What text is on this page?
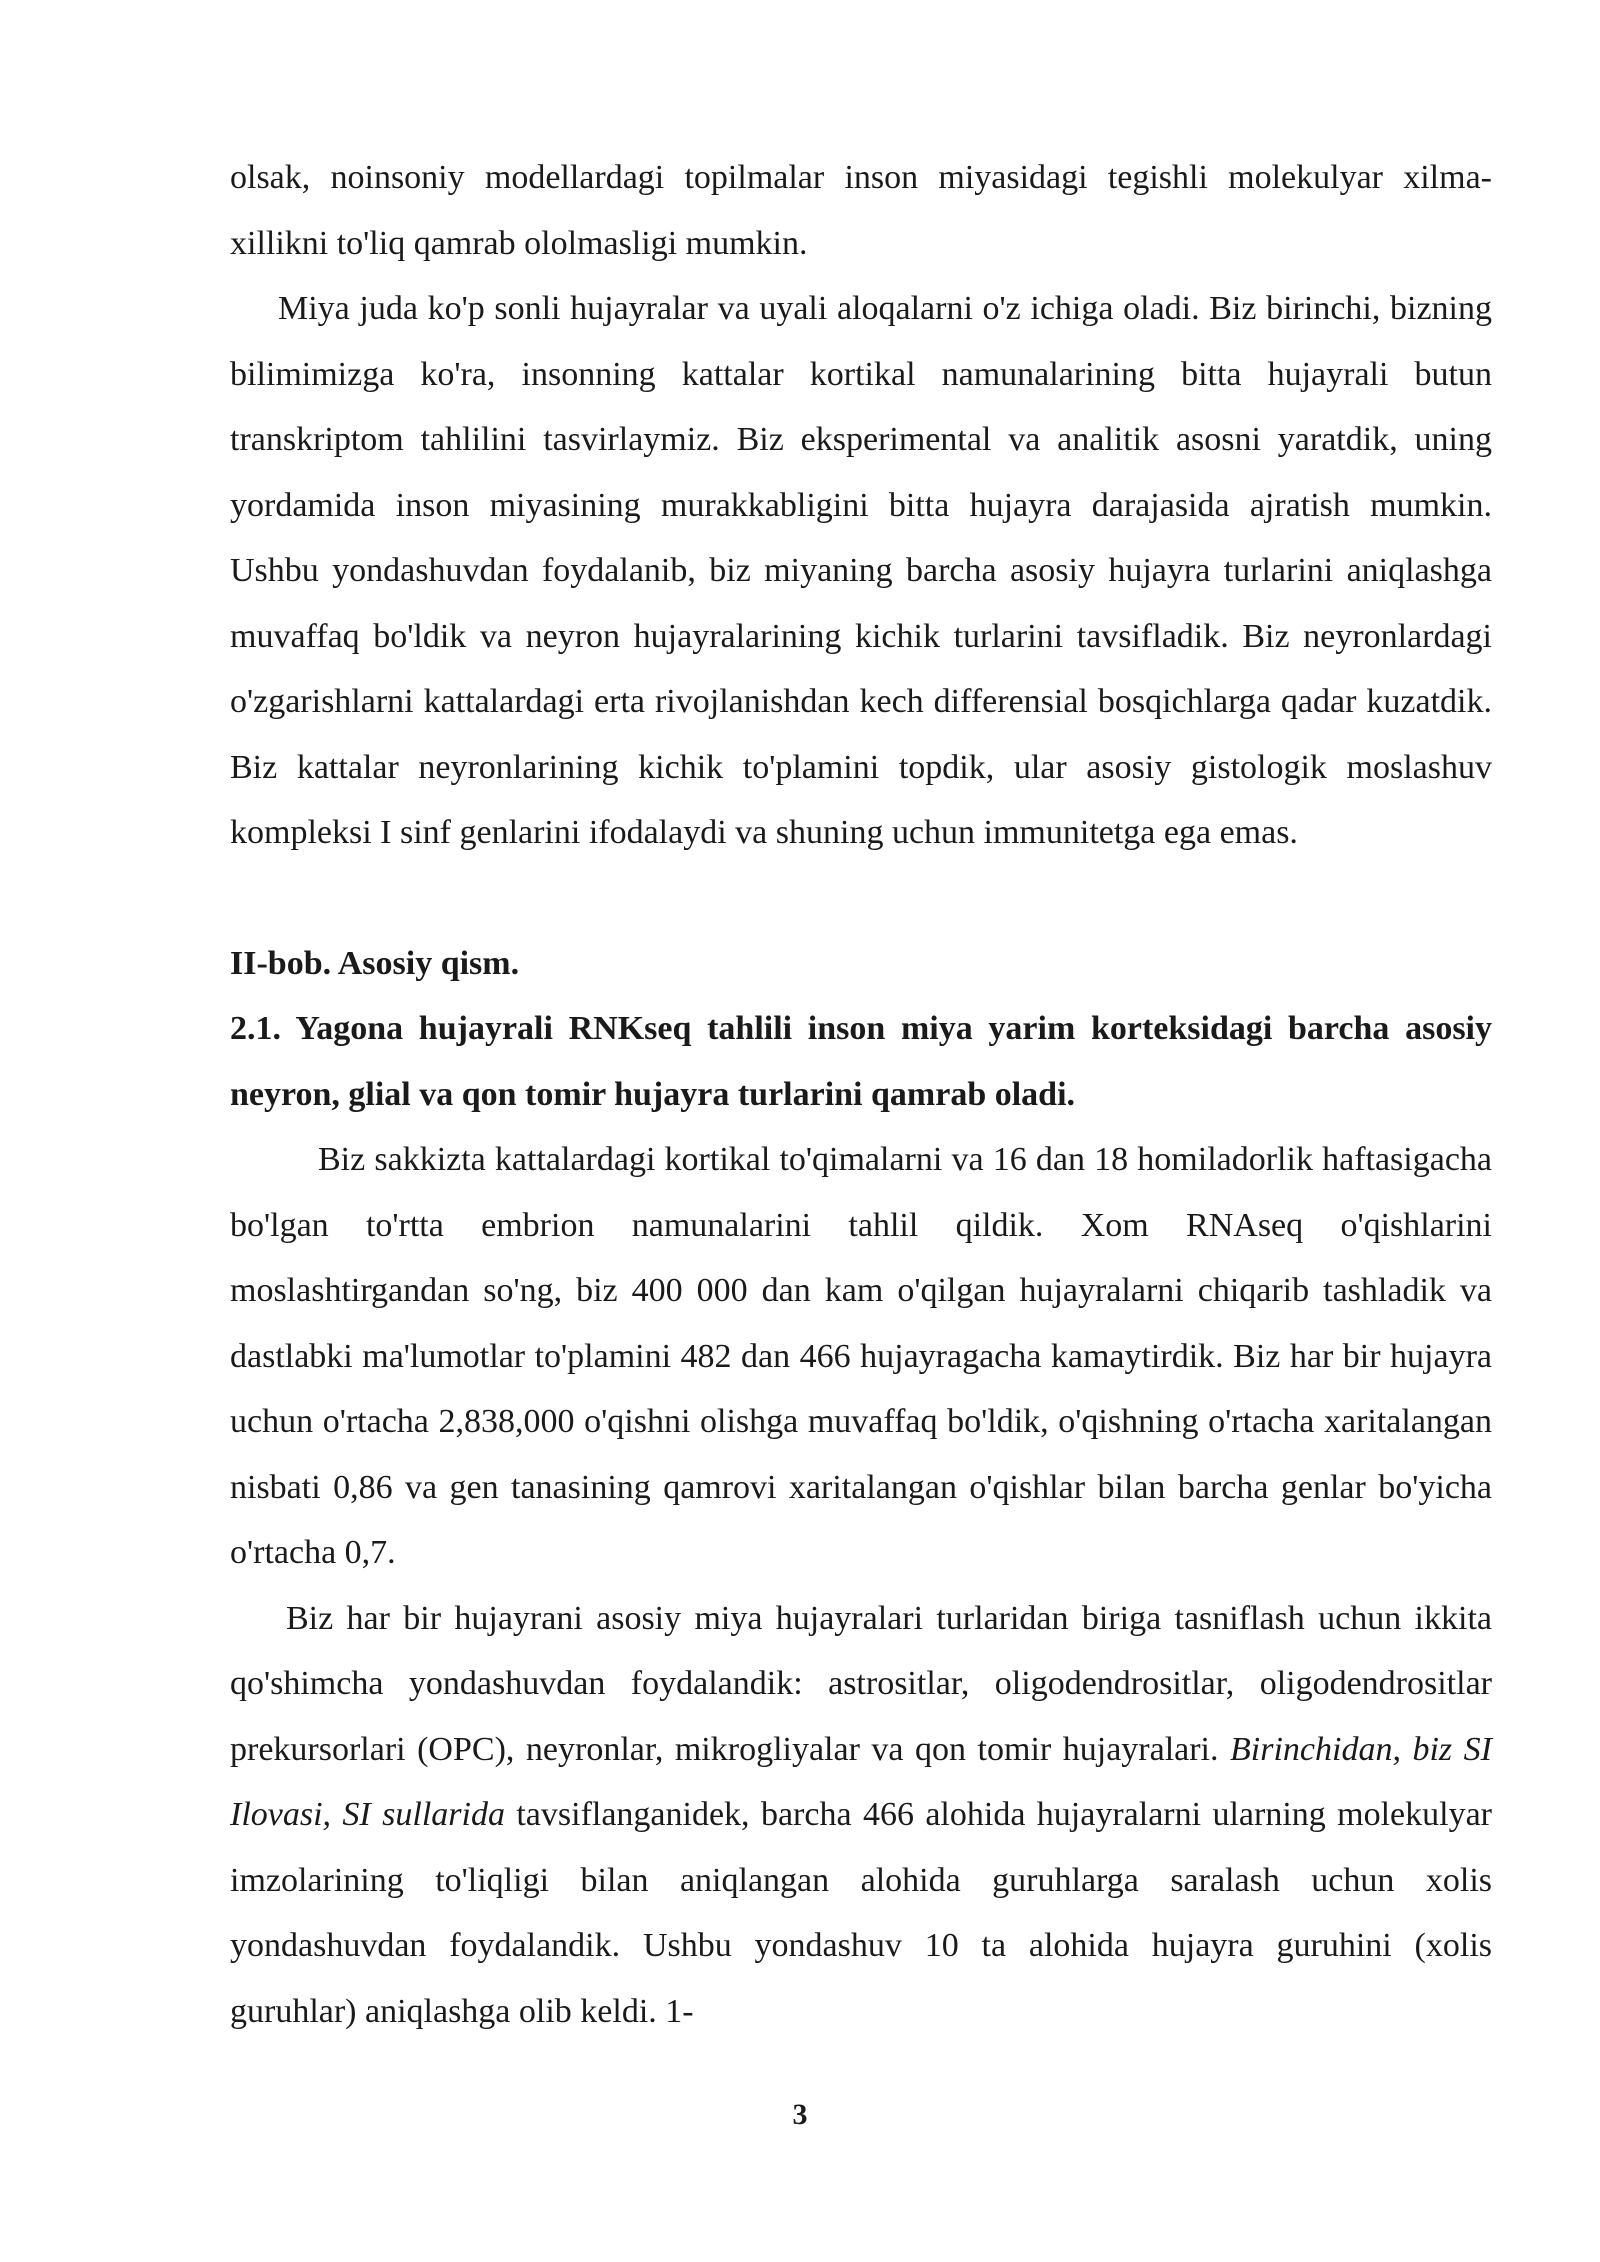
olsak, noinsoniy modellardagi topilmalar inson miyasidagi tegishli molekulyar xilma-xillikni to'liq qamrab ololmasligi mumkin.

Miya juda ko'p sonli hujayralar va uyali aloqalarni o'z ichiga oladi. Biz birinchi, bizning bilimimizga ko'ra, insonning kattalar kortikal namunalarining bitta hujayrali butun transkriptom tahlilini tasvirlaymiz. Biz eksperimental va analitik asosni yaratdik, uning yordamida inson miyasining murakkabligini bitta hujayra darajasida ajratish mumkin. Ushbu yondashuvdan foydalanib, biz miyaning barcha asosiy hujayra turlarini aniqlashga muvaffaq bo'ldik va neyron hujayralarining kichik turlarini tavsifladik. Biz neyronlardagi o'zgarishlarni kattalardagi erta rivojlanishdan kech differensial bosqichlarga qadar kuzatdik. Biz kattalar neyronlarining kichik to'plamini topdik, ular asosiy gistologik moslashuv kompleksi I sinf genlarini ifodalaydi va shuning uchun immunitetga ega emas.

II-bob. Asosiy qism.

2.1. Yagona hujayrali RNKseq tahlili inson miya yarim korteksidagi barcha asosiy neyron, glial va qon tomir hujayra turlarini qamrab oladi.

Biz sakkizta kattalardagi kortikal to'qimalarni va 16 dan 18 homiladorlik haftasigacha bo'lgan to'rtta embrion namunalarini tahlil qildik. Xom RNAseq o'qishlarini moslashtirgandan so'ng, biz 400 000 dan kam o'qilgan hujayralarni chiqarib tashladik va dastlabki ma'lumotlar to'plamini 482 dan 466 hujayragacha kamaytirdik. Biz har bir hujayra uchun o'rtacha 2,838,000 o'qishni olishga muvaffaq bo'ldik, o'qishning o'rtacha xaritalangan nisbati 0,86 va gen tanasining qamrovi xaritalangan o'qishlar bilan barcha genlar bo'yicha o'rtacha 0,7.

Biz har bir hujayrani asosiy miya hujayralari turlaridan biriga tasniflash uchun ikkita qo'shimcha yondashuvdan foydalandik: astrositlar, oligodendrositlar, oligodendrositlar prekursorlari (OPC), neyronlar, mikrogliyalar va qon tomir hujayralari. Birinchidan, biz SI Ilovasi, SI sullarida tavsiflanganidek, barcha 466 alohida hujayralarni ularning molekulyar imzolarining to'liqligi bilan aniqlangan alohida guruhlarga saralash uchun xolis yondashuvdan foydalandik. Ushbu yondashuv 10 ta alohida hujayra guruhini (xolis guruhlar) aniqlashga olib keldi. 1-

3
